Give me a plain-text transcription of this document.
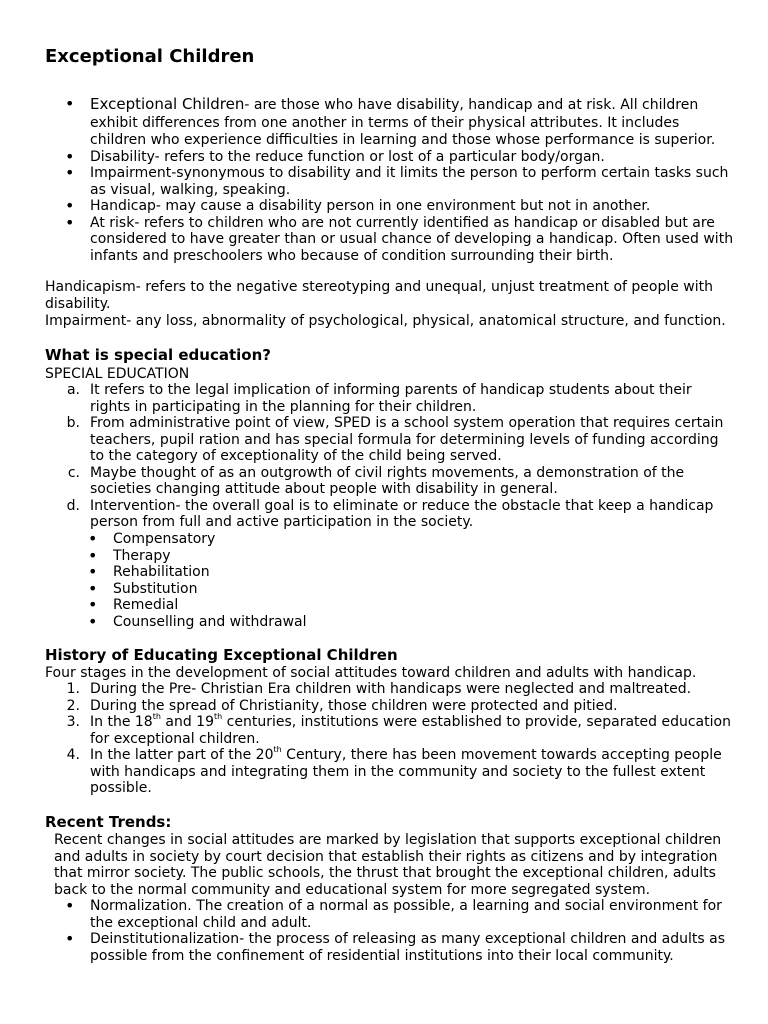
Exceptional Children
• Exceptional Children- are those who have disability, handicap and at risk. All children exhibit differences from one another in terms of their physical attributes. It includes children who experience difficulties in learning and those whose performance is superior.
• Disability- refers to the reduce function or lost of a particular body/organ.
• Impairment-synonymous to disability and it limits the person to perform certain tasks such as visual, walking, speaking.
• Handicap- may cause a disability person in one environment but not in another.
• At risk- refers to children who are not currently identified as handicap or disabled but are considered to have greater than or usual chance of developing a handicap. Often used with infants and preschoolers who because of condition surrounding their birth.

Handicapism- refers to the negative stereotyping and unequal, unjust treatment of people with disability.

Impairment- any loss, abnormality of psychological, physical, anatomical structure, and function.

What is special education?

SPECIAL EDUCATION

a. It refers to the legal implication of informing parents of handicap students about their rights in participating in the planning for their children.
b. From administrative point of view, SPED is a school system operation that requires certain teachers, pupil ration and has special formula for determining levels of funding according to the category of exceptionality of the child being served.
c. Maybe thought of as an outgrowth of civil rights movements, a demonstration of the societies changing attitude about people with disability in general.
d. Intervention- the overall goal is to eliminate or reduce the obstacle that keep a handicap person from full and active participation in the society.
• Compensatory
• Therapy
• Rehabilitation
• Substitution
• Remedial
• Counselling and withdrawal
History of Educating Exceptional Children

Four stages in the development of social attitudes toward children and adults with handicap.

1. During the Pre- Christian Era children with handicaps were neglected and maltreated.
2. During the spread of Christianity, those children were protected and pitied.
3. In the 18th and 19th centuries, institutions were established to provide, separated education for exceptional children.
4. In the latter part of the 20th Century, there has been movement towards accepting people with handicaps and integrating them in the community and society to the fullest extent possible.
Recent Trends:

Recent changes in social attitudes are marked by legislation that supports exceptional children and adults in society by court decision that establish their rights as citizens and by integration that mirror society. The public schools, the thrust that brought the exceptional children, adults back to the normal community and educational system for more segregated system.

• Normalization. The creation of a normal as possible, a learning and social environment for the exceptional child and adult.
• Deinstitutionalization- the process of releasing as many exceptional children and adults as possible from the confinement of residential institutions into their local community.
